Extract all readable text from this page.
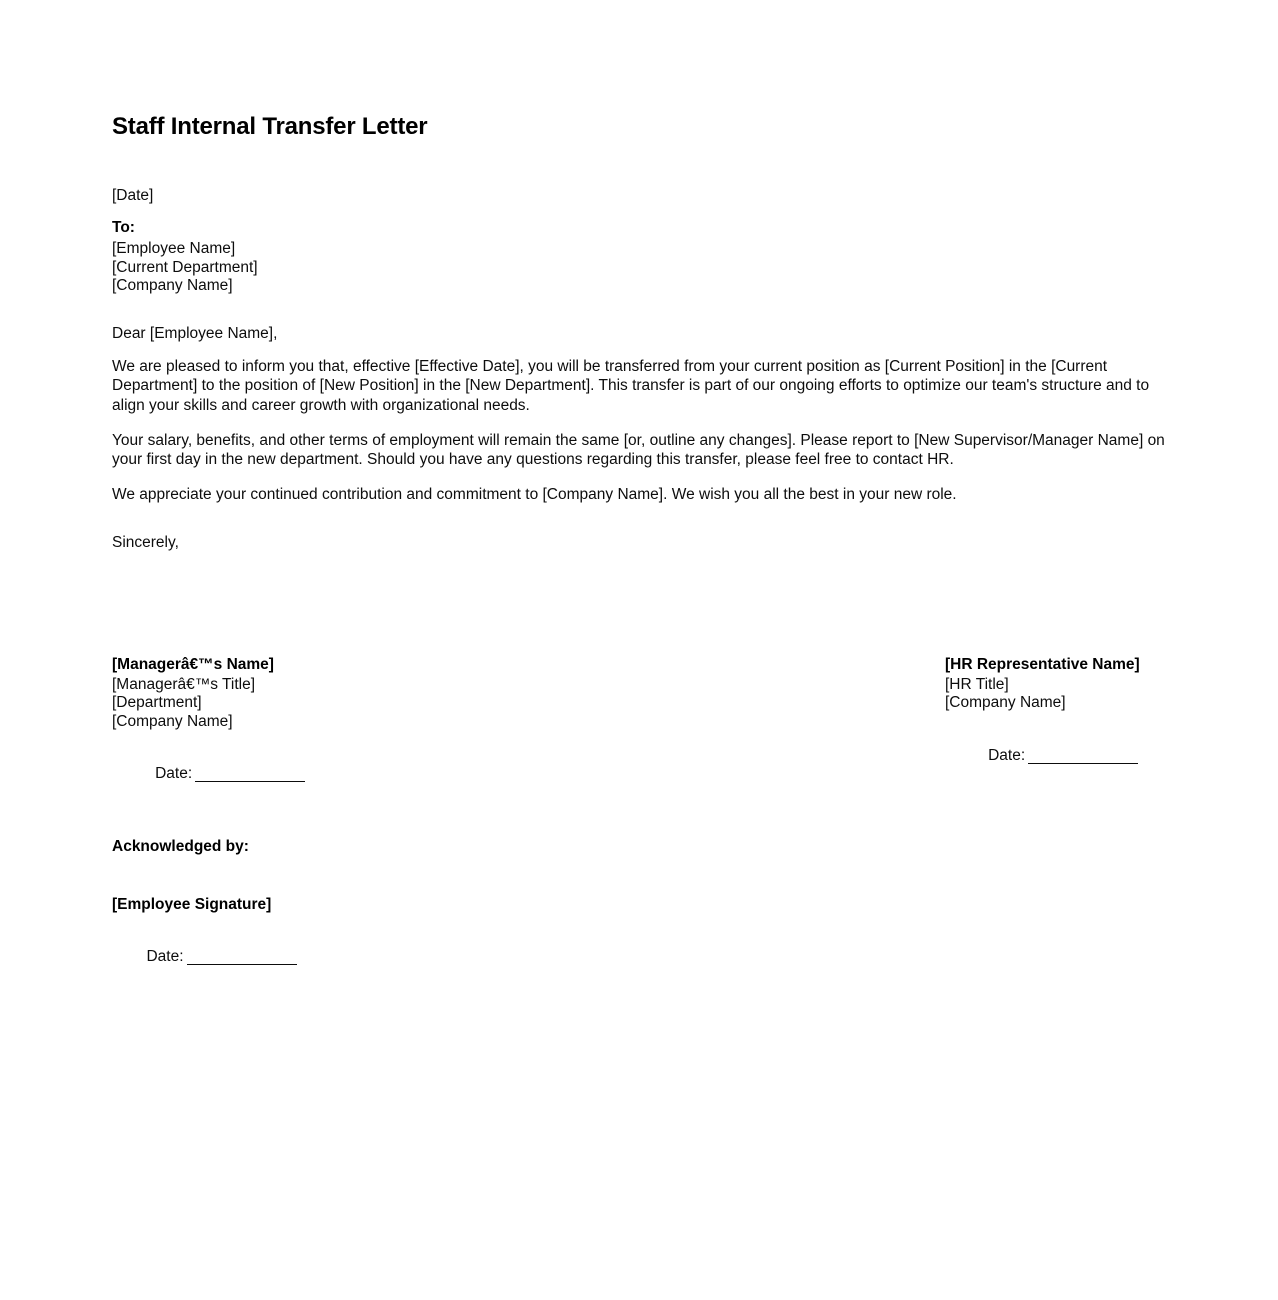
Staff Internal Transfer Letter
[Date]
To:
[Employee Name]
[Current Department]
[Company Name]
Dear [Employee Name],

We are pleased to inform you that, effective [Effective Date], you will be transferred from your current position as [Current Position] in the [Current Department] to the position of [New Position] in the [New Department]. This transfer is part of our ongoing efforts to optimize our team's structure and to align your skills and career growth with organizational needs.

Your salary, benefits, and other terms of employment will remain the same [or, outline any changes]. Please report to [New Supervisor/Manager Name] on your first day in the new department. Should you have any questions regarding this transfer, please feel free to contact HR.

We appreciate your continued contribution and commitment to [Company Name]. We wish you all the best in your new role.

Sincerely,
[Managerâ€™s Name]
[Managerâ€™s Title]
[Department]
[Company Name]

Date:

[HR Representative Name]
[HR Title]
[Company Name]

Date:

Acknowledged by:
[Employee Signature]

Date:
